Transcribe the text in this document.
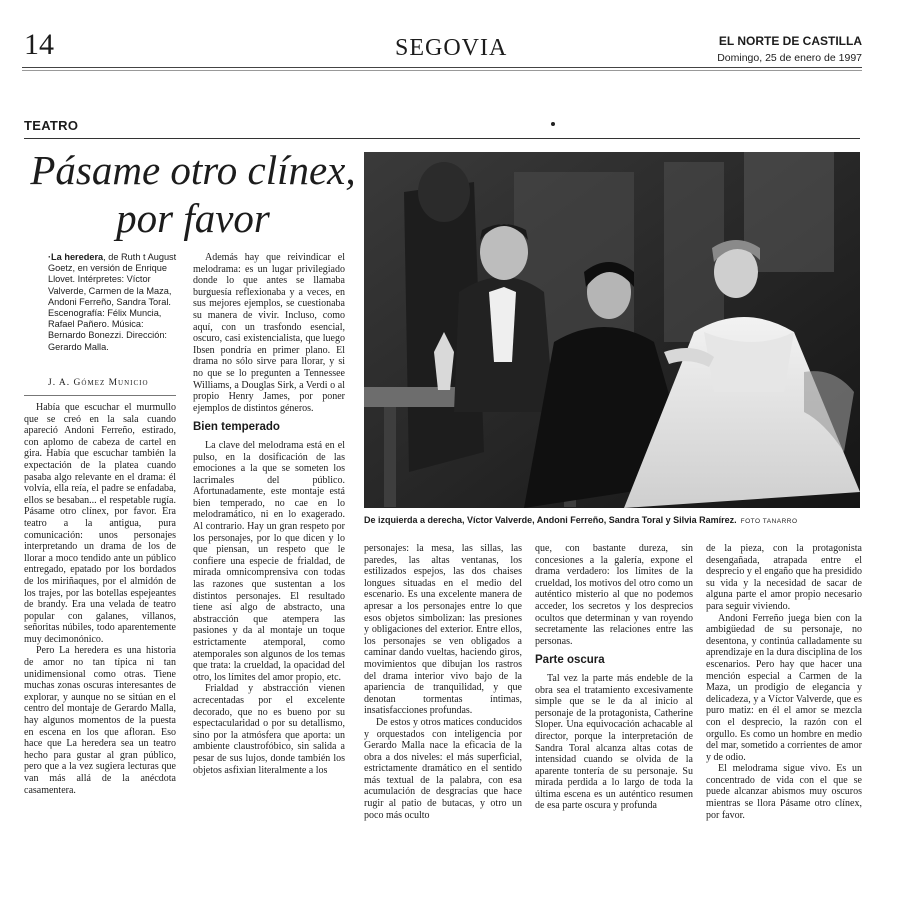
14	SEGOVIA	EL NORTE DE CASTILLA
Domingo, 25 de enero de 1997
TEATRO
Pásame otro clínex,
por favor
·La heredera, de Ruth t August Goetz, en versión de Enrique Llovet. Intérpretes: Víctor Valverde, Carmen de la Maza, Andoni Ferreño, Sandra Toral. Escenografía: Félix Muncia, Rafael Pañero. Música: Bernardo Bonezzi. Dirección: Gerardo Malla.
J. A. Gómez Municio

Había que escuchar el murmullo que se creó en la sala cuando apareció Andoni Ferreño, estirado, con aplomo de cabeza de cartel en gira. Había que escuchar también la expectación de la platea cuando pasaba algo relevante en el drama: él volvía, ella reía, el padre se enfadaba, ellos se besaban... el respetable rugía. Pásame otro clínex, por favor. Era teatro a la antigua, pura comunicación: unos personajes interpretando un drama de los de llorar a moco tendido ante un público entregado, epatado por los bordados de los miriñaques, por el almidón de los trajes, por las botellas espejeantes de brandy. Era una velada de teatro popular con galanes, villanos, señoritas núbiles, todo aparentemente muy decimonónico.

Pero La heredera es una historia de amor no tan típica ni tan unidimensional como otras. Tiene muchas zonas oscuras interesantes de explorar, y aunque no se sitúan en el centro del montaje de Gerardo Malla, hay algunos momentos de la puesta en escena en los que afloran. Eso hace que La heredera sea un teatro hecho para gustar al gran público, pero que a la vez sugiera lecturas que van más allá de la anécdota casamentera.

Además hay que reivindicar el melodrama: es un lugar privilegiado donde lo que antes se llamaba burguesía reflexionaba y a veces, en sus mejores ejemplos, se cuestionaba su manera de vivir. Incluso, como aquí, con un trasfondo esencial, oscuro, casi existencialista, que luego Ibsen pondría en primer plano. El drama no sólo sirve para llorar, y si no que se lo pregunten a Tennessee Williams, a Douglas Sirk, a Verdi o al propio Henry James, por poner ejemplos de distintos géneros.

Bien temperado

La clave del melodrama está en el pulso, en la dosificación de las emociones a la que se someten los lacrimales del público. Afortunadamente, este montaje está bien temperado, no cae en lo melodramático, ni en lo exagerado. Al contrario. Hay un gran respeto por los personajes, por lo que dicen y lo que piensan, un respeto que le confiere una especie de frialdad, de mirada omnicomprensiva con todas las razones que sustentan a los distintos personajes. El resultado tiene así algo de abstracto, una abstracción que atempera las pasiones y da al montaje un toque estrictamente atemporal, como atemporales son algunos de los temas que trata: la crueldad, la opacidad del otro, los límites del amor propio, etc.

Frialdad y abstracción vienen acrecentadas por el excelente decorado, que no es bueno por su espectacularidad o por su detallismo, sino por la atmósfera que aporta: un ambiente claustrofóbico, sin salida a pesar de sus lujos, donde también los objetos asfixian literalmente a los

De izquierda a derecha, Víctor Valverde, Andoni Ferreño, Sandra Toral y Silvia Ramírez. FOTO TANARRO

personajes: la mesa, las sillas, las paredes, las altas ventanas, los estilizados espejos, las dos chaises longues situadas en el medio del escenario. Es una excelente manera de apresar a los personajes entre lo que esos objetos simbolizan: las presiones y obligaciones del exterior. Entre ellos, los personajes se ven obligados a caminar dando vueltas, haciendo giros, movimientos que dibujan los rastros del drama interior vivo bajo de la apariencia de tranquilidad, y que denotan tormentas íntimas, insatisfacciones profundas.

De estos y otros matices conducidos y orquestados con inteligencia por Gerardo Malla nace la eficacia de la obra a dos niveles: el más superficial, estrictamente dramático en el sentido más textual de la palabra, con esa acumulación de desgracias que hace rugir al patio de butacas, y otro un poco más oculto

que, con bastante dureza, sin concesiones a la galería, expone el drama verdadero: los límites de la crueldad, los motivos del otro como un auténtico misterio al que no podemos acceder, los secretos y los desprecios ocultos que determinan y van royendo secretamente las relaciones entre las personas.

Parte oscura

Tal vez la parte más endeble de la obra sea el tratamiento excesivamente simple que se le da al inicio al personaje de la protagonista, Catherine Sloper. Una equivocación achacable al director, porque la interpretación de Sandra Toral alcanza altas cotas de intensidad cuando se olvida de la aparente tontería de su personaje. Su mirada perdida a lo largo de toda la última escena es un auténtico resumen de esa parte oscura y profunda

de la pieza, con la protagonista desengañada, atrapada entre el desprecio y el engaño que ha presidido su vida y la necesidad de sacar de alguna parte el amor propio necesario para seguir viviendo.

Andoni Ferreño juega bien con la ambigüedad de su personaje, no desentona, y continúa calladamente su aprendizaje en la dura disciplina de los escenarios. Pero hay que hacer una mención especial a Carmen de la Maza, un prodigio de elegancia y delicadeza, y a Víctor Valverde, que es puro matiz: en él el amor se mezcla con el desprecio, la razón con el orgullo. Es como un hombre en medio del mar, sometido a corrientes de amor y de odio.

El melodrama sigue vivo. Es un concentrado de vida con el que se puede alcanzar abismos muy oscuros mientras se llora Pásame otro clínex, por favor.
